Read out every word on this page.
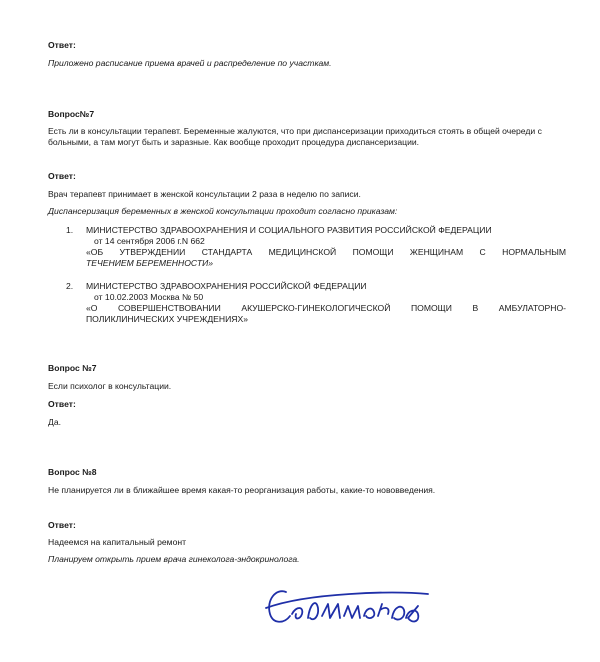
Ответ:
Приложено расписание приема врачей и распределение по участкам.
Вопрос№7
Есть ли в консультации терапевт. Беременные жалуются, что при диспансеризации приходиться стоять в общей очереди с больными, а там могут быть и заразные. Как вообще проходит процедура диспансеризации.
Ответ:
Врач терапевт принимает в женской консультации 2 раза в неделю по записи.
Диспансеризация беременных в женской консультации проходит согласно приказам:
1. МИНИСТЕРСТВО ЗДРАВООХРАНЕНИЯ И СОЦИАЛЬНОГО РАЗВИТИЯ РОССИЙСКОЙ ФЕДЕРАЦИИ
от 14 сентября 2006 г.N 662
«ОБ УТВЕРЖДЕНИИ СТАНДАРТА МЕДИЦИНСКОЙ ПОМОЩИ ЖЕНЩИНАМ С НОРМАЛЬНЫМ
ТЕЧЕНИЕМ БЕРЕМЕННОСТИ»
2. МИНИСТЕРСТВО ЗДРАВООХРАНЕНИЯ РОССИЙСКОЙ ФЕДЕРАЦИИ
от 10.02.2003 Москва № 50
«О СОВЕРШЕНСТВОВАНИИ АКУШЕРСКО-ГИНЕКОЛОГИЧЕСКОЙ ПОМОЩИ В АМБУЛАТОРНО-
ПОЛИКЛИНИЧЕСКИХ УЧРЕЖДЕНИЯХ»
Вопрос №7
Если психолог в консультации.
Ответ:
Да.
Вопрос №8
Не планируется ли в ближайшее время какая-то реорганизация работы, какие-то нововведения.
Ответ:
Надеемся на капитальный ремонт
Планируем открыть прием врача гинеколога-эндокринолога.
